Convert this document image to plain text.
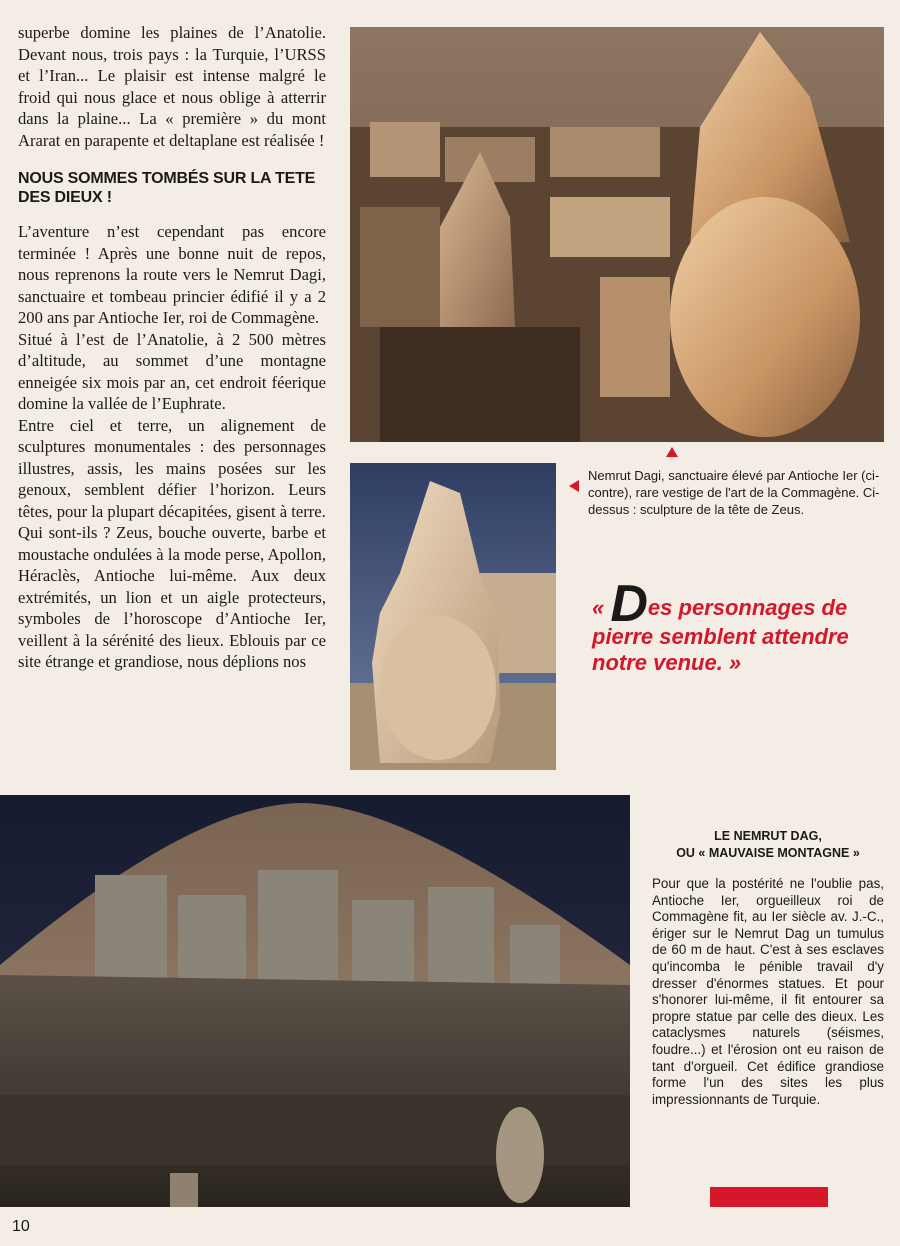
superbe domine les plaines de l’Anatolie. Devant nous, trois pays : la Turquie, l’URSS et l’Iran... Le plaisir est intense malgré le froid qui nous glace et nous oblige à atterrir dans la plaine... La « première » du mont Ararat en parapente et deltaplane est réalisée !

NOUS SOMMES TOMBÉS SUR LA TETE DES DIEUX !

L’aventure n’est cependant pas encore terminée ! Après une bonne nuit de repos, nous reprenons la route vers le Nemrut Dagi, sanctuaire et tombeau princier édifié il y a 2 200 ans par Antioche Ier, roi de Commagène.

Situé à l’est de l’Anatolie, à 2 500 mètres d’altitude, au sommet d’une montagne enneigée six mois par an, cet endroit féerique domine la vallée de l’Euphrate.

Entre ciel et terre, un alignement de sculptures monumentales : des personnages illustres, assis, les mains posées sur les genoux, semblent défier l’horizon. Leurs têtes, pour la plupart décapitées, gisent à terre.

Qui sont-ils ? Zeus, bouche ouverte, barbe et moustache ondulées à la mode perse, Apollon, Héraclès, Antioche lui-même. Aux deux extrémités, un lion et un aigle protecteurs, symboles de l’horoscope d’Antioche Ier, veillent à la sérénité des lieux. Eblouis par ce site étrange et grandiose, nous déplions nos

Nemrut Dagi, sanctuaire élevé par Antioche Ier (ci-contre), rare vestige de l'art de la Commagène. Ci-dessus : sculpture de la tête de Zeus.
« Des personnages de pierre semblent attendre notre venue. »
LE NEMRUT DAG,
OU « MAUVAISE MONTAGNE »
Pour que la postérité ne l'oublie pas, Antioche Ier, orgueilleux roi de Commagène fit, au Ier siècle av. J.-C., ériger sur le Nemrut Dag un tumulus de 60 m de haut. C'est à ses esclaves qu'incomba le pénible travail d'y dresser d'énormes statues. Et pour s'honorer lui-même, il fit entourer sa propre statue par celle des dieux. Les cataclysmes naturels (séismes, foudre...) et l'érosion ont eu raison de tant d'orgueil. Cet édifice grandiose forme l'un des sites les plus impressionnants de Turquie.
10
